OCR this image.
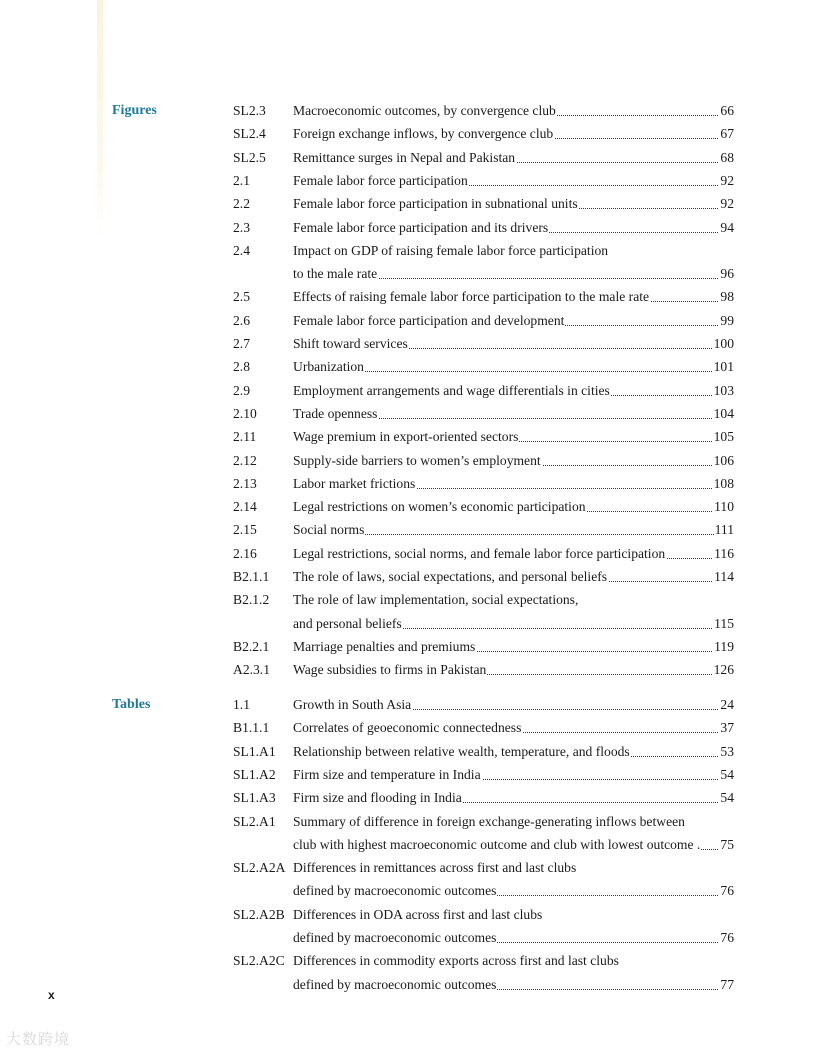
Figures	SL2.3 Macroeconomic outcomes, by convergence club	66
SL2.4 Foreign exchange inflows, by convergence club	67
SL2.5 Remittance surges in Nepal and Pakistan	68
2.1	Female labor force participation	92
2.2	Female labor force participation in subnational units	92
2.3	Female labor force participation and its drivers	94
2.4	Impact on GDP of raising female labor force participation
to the male rate	96
2.5	Effects of raising female labor force participation to the male rate	98
2.6	Female labor force participation and development	99
2.7	Shift toward services	100
2.8	Urbanization	101
2.9	Employment arrangements and wage differentials in cities	103
2.10	Trade openness	104
2.11	Wage premium in export-oriented sectors	105
2.12	Supply-side barriers to women’s employment	106
2.13	Labor market frictions	108
2.14	Legal restrictions on women’s economic participation	110
2.15	Social norms	111
2.16	Legal restrictions, social norms, and female labor force participation	116
B2.1.1 The role of laws, social expectations, and personal beliefs	114
B2.1.2 The role of law implementation, social expectations,
and personal beliefs	115
B2.2.1 Marriage penalties and premiums	119
A2.3.1 Wage subsidies to firms in Pakistan	126
Tables	1.1	Growth in South Asia	24
B1.1.1 Correlates of geoeconomic connectedness	37
SL1.A1 Relationship between relative wealth, temperature, and floods	53
SL1.A2 Firm size and temperature in India	54
SL1.A3 Firm size and flooding in India	54
SL2.A1 Summary of difference in foreign exchange-generating inflows between
club with highest macroeconomic outcome and club with lowest outcome . 75
SL2.A2A Differences in remittances across first and last clubs
defined by macroeconomic outcomes	76
SL2.A2B Differences in ODA across first and last clubs
defined by macroeconomic outcomes	76
SL2.A2C Differences in commodity exports across first and last clubs
defined by macroeconomic outcomes	77
x
大数跨境
